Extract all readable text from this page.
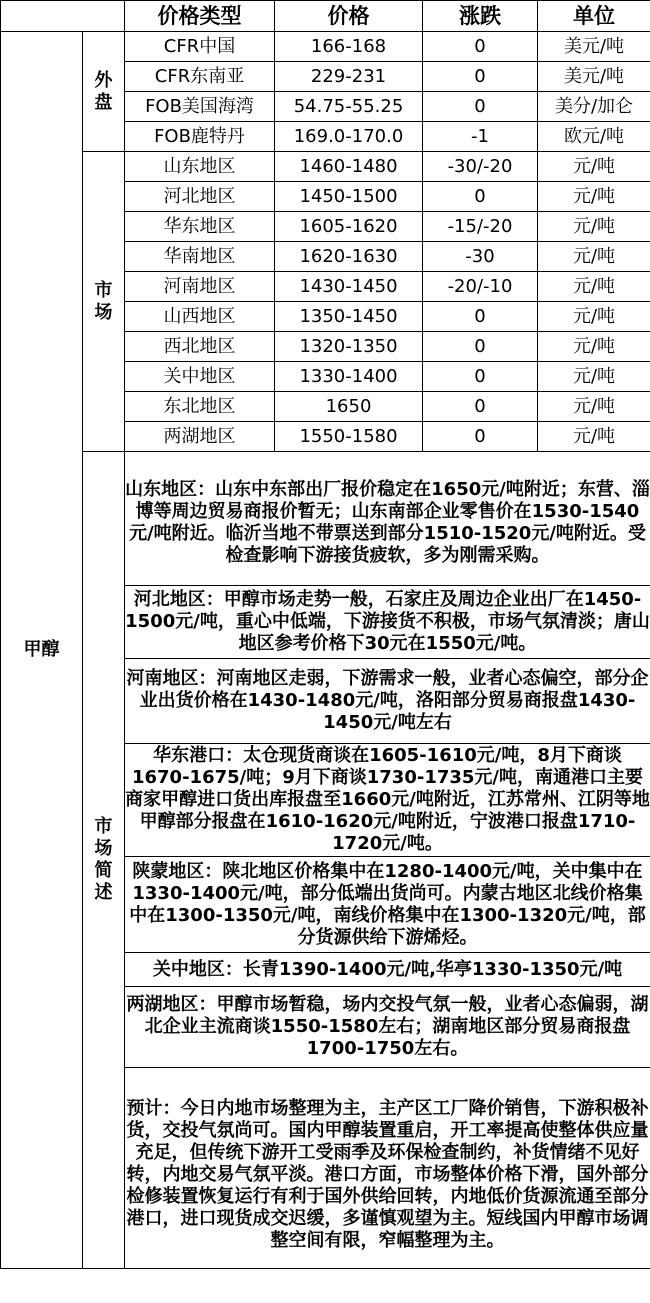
		价格类型	价格	涨跌	单位
甲醇	外盘	CFR中国	166-168	0	美元/吨
		CFR东南亚	229-231	0	美元/吨
		FOB美国海湾	54.75-55.25	0	美分/加仑
		FOB鹿特丹	169.0-170.0	-1	欧元/吨
	市场	山东地区	1460-1480	-30/-20	元/吨
		河北地区	1450-1500	0	元/吨
		华东地区	1605-1620	-15/-20	元/吨
		华南地区	1620-1630	-30	元/吨
		河南地区	1430-1450	-20/-10	元/吨
		山西地区	1350-1450	0	元/吨
		西北地区	1320-1350	0	元/吨
		关中地区	1330-1400	0	元/吨
		东北地区	1650	0	元/吨
		两湖地区	1550-1580	0	元/吨
	市场简述	山东地区：山东中东部出厂报价稳定在1650元/吨附近；东营、淄博等周边贸易商报价暂无；山东南部企业零售价在1530-1540元/吨附近。临沂当地不带票送到部分1510-1520元/吨附近。受检查影响下游接货疲软，多为刚需采购。			
		河北地区：甲醇市场走势一般，石家庄及周边企业出厂在1450-1500元/吨，重心中低端，下游接货不积极，市场气氛清淡；唐山地区参考价格下30元在1550元/吨。			
		河南地区：河南地区走弱，下游需求一般，业者心态偏空，部分企业出货价格在1430-1480元/吨，洛阳部分贸易商报盘1430-1450元/吨左右			
		华东港口：太仓现货商谈在1605-1610元/吨，8月下商谈1670-1675/吨；9月下商谈1730-1735元/吨，南通港口主要商家甲醇进口货出库报盘至1660元/吨附近，江苏常州、江阴等地甲醇部分报盘在1610-1620元/吨附近，宁波港口报盘1710-1720元/吨。			
		陕蒙地区：陕北地区价格集中在1280-1400元/吨，关中集中在1330-1400元/吨，部分低端出货尚可。内蒙古地区北线价格集中在1300-1350元/吨，南线价格集中在1300-1320元/吨，部分货源供给下游烯烃。			
		关中地区：长青1390-1400元/吨,华亭1330-1350元/吨			
		两湖地区：甲醇市场暂稳，场内交投气氛一般，业者心态偏弱，湖北企业主流商谈1550-1580左右；湖南地区部分贸易商报盘1700-1750左右。			
		预计：今日内地市场整理为主，主产区工厂降价销售，下游积极补货，交投气氛尚可。国内甲醇装置重启，开工率提高使整体供应量充足，但传统下游开工受雨季及环保检查制约，补货情绪不见好转，内地交易气氛平淡。港口方面，市场整体价格下滑，国外部分检修装置恢复运行有利于国外供给回转，内地低价货源流通至部分港口，进口现货成交迟缓，多谨慎观望为主。短线国内甲醇市场调整空间有限，窄幅整理为主。			
